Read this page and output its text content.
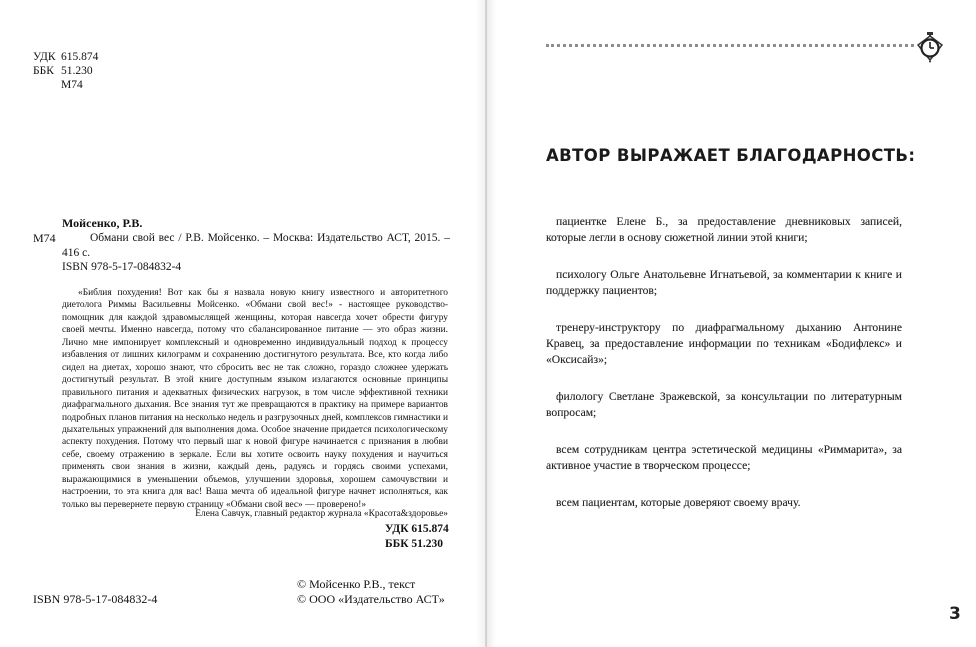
УДК 615.874
ББК 51.230
М74
Мойсенко, Р.В.
М74	Обмани свой вес / Р.В. Мойсенко. – Москва: Издательство АСТ, 2015. – 416 с.
ISBN 978-5-17-084832-4

«Библия похудения! Вот как бы я назвала новую книгу известного и авторитетного диетолога Риммы Васильевны Мойсенко. «Обмани свой вес!» - настоящее руководство-помощник для каждой здравомыслящей женщины, которая навсегда хочет обрести фигуру своей мечты. Именно навсегда, потому что сбалансированное питание — это образ жизни. Лично мне импонирует комплексный и одновременно индивидуальный подход к процессу избавления от лишних килограмм и сохранению достигнутого результата. Все, кто когда либо сидел на диетах, хорошо знают, что сбросить вес не так сложно, гораздо сложнее удержать достигнутый результат. В этой книге доступным языком излагаются основные принципы правильного питания и адекватных физических нагрузок, в том числе эффективной техники диафрагмального дыхания. Все знания тут же превращаются в практику на примере вариантов подробных планов питания на несколько недель и разгрузочных дней, комплексов гимнастики и дыхательных упражнений для выполнения дома. Особое значение придается психологическому аспекту похудения. Потому что первый шаг к новой фигуре начинается с признания в любви себе, своему отражению в зеркале. Если вы хотите освоить науку похудения и научиться применять свои знания в жизни, каждый день, радуясь и гордясь своими успехами, выражающимися в уменьшении объемов, улучшении здоровья, хорошем самочувствии и настроении, то эта книга для вас! Ваша мечта об идеальной фигуре начнет исполняться, как только вы перевернете первую страницу «Обмани свой вес» — проверено!»

Елена Савчук, главный редактор журнала «Красота&здоровье»
УДК 615.874
ББК 51.230
© Мойсенко Р.В., текст
© ООО «Издательство АСТ»
ISBN 978-5-17-084832-4
АВТОР ВЫРАЖАЕТ БЛАГОДАРНОСТЬ:
пациентке Елене Б., за предоставление дневниковых записей, которые легли в основу сюжетной линии этой книги;
психологу Ольге Анатольевне Игнатьевой, за комментарии к книге и поддержку пациентов;
тренеру-инструктору по диафрагмальному дыханию Антонине Кравец, за предоставление информации по техникам «Бодифлекс» и «Оксисайз»;
филологу Светлане Зражевской, за консультации по литературным вопросам;
всем сотрудникам центра эстетической медицины «Риммарита», за активное участие в творческом процессе;
всем пациентам, которые доверяют своему врачу.
3
